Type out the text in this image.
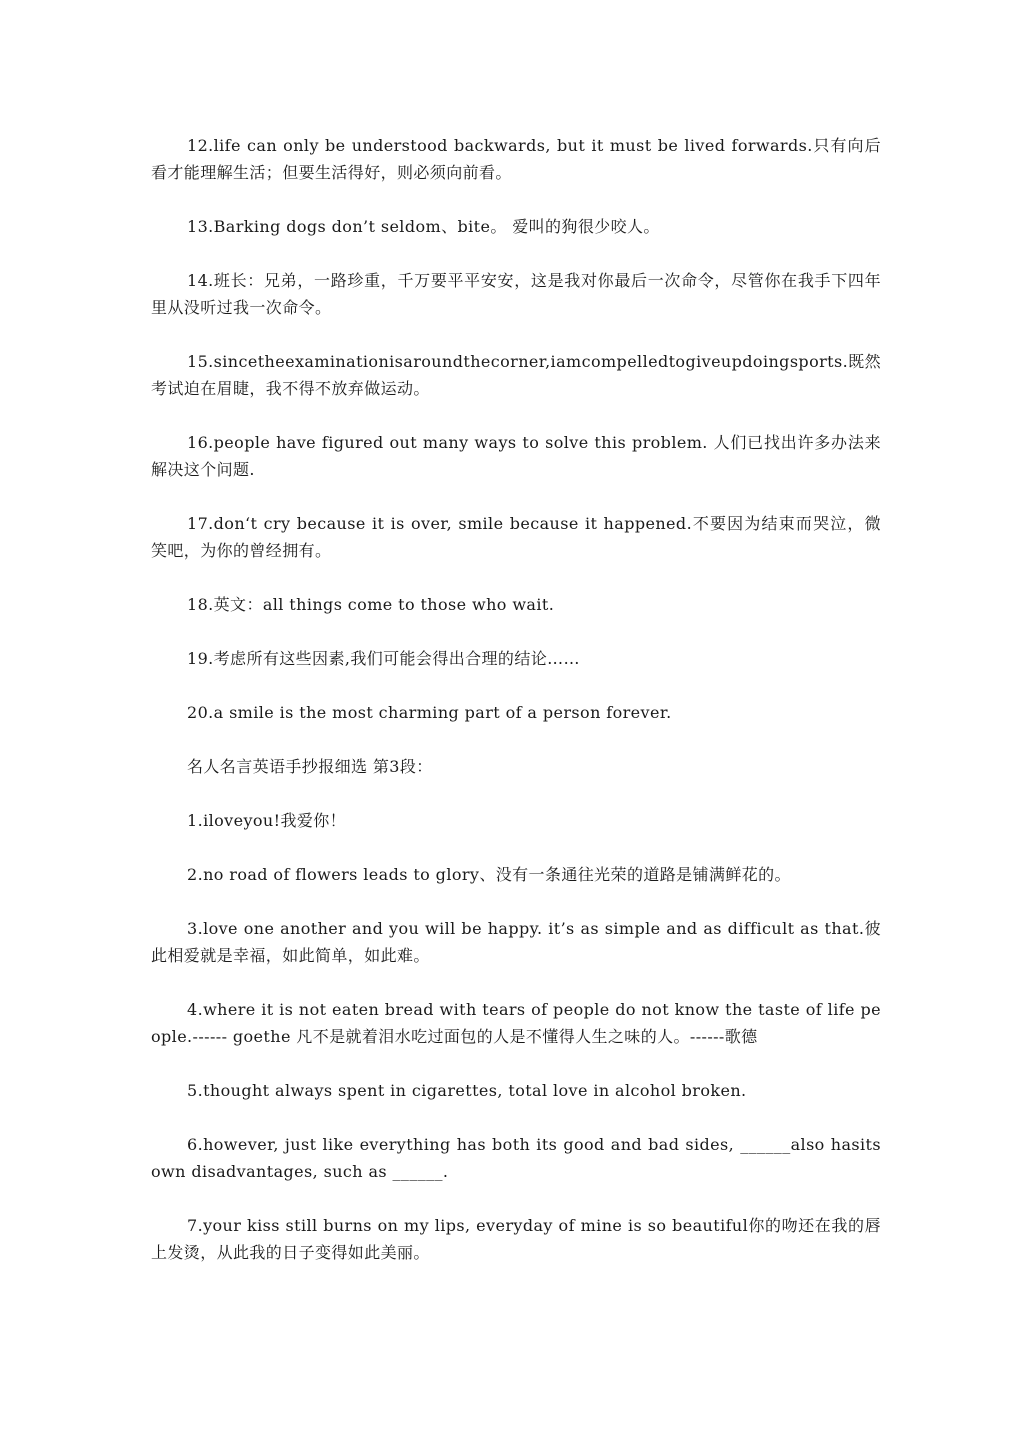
12.life can only be understood backwards, but it must be lived forwards.只有向后看才能理解生活；但要生活得好，则必须向前看。

13.Barking dogs don’t seldom、bite。 爱叫的狗很少咬人。

14.班长：兄弟，一路珍重，千万要平平安安，这是我对你最后一次命令，尽管你在我手下四年里从没听过我一次命令。

15.sincetheexaminationisaroundthecorner,iamcompelledtogiveupdoingsports.既然考试迫在眉睫，我不得不放弃做运动。

16.people have figured out many ways to solve this problem. 人们已找出许多办法来解决这个问题.

17.don‘t cry because it is over, smile because it happened.不要因为结束而哭泣，微笑吧，为你的曾经拥有。

18.英文：all things come to those who wait.

19.考虑所有这些因素,我们可能会得出合理的结论……

20.a smile is the most charming part of a person forever.

名人名言英语手抄报细选 第3段：

1.iloveyou!我爱你！

2.no road of flowers leads to glory、没有一条通往光荣的道路是铺满鲜花的。

3.love one another and you will be happy. it’s as simple and as difficult as that.彼此相爱就是幸福，如此简单，如此难。

4.where it is not eaten bread with tears of people do not know the taste of life people.------ goethe 凡不是就着泪水吃过面包的人是不懂得人生之味的人。------歌德

5.thought always spent in cigarettes, total love in alcohol broken.

6.however, just like everything has both its good and bad sides, ______also hasits own disadvantages, such as ______.

7.your kiss still burns on my lips, everyday of mine is so beautiful你的吻还在我的唇上发烫，从此我的日子变得如此美丽。
